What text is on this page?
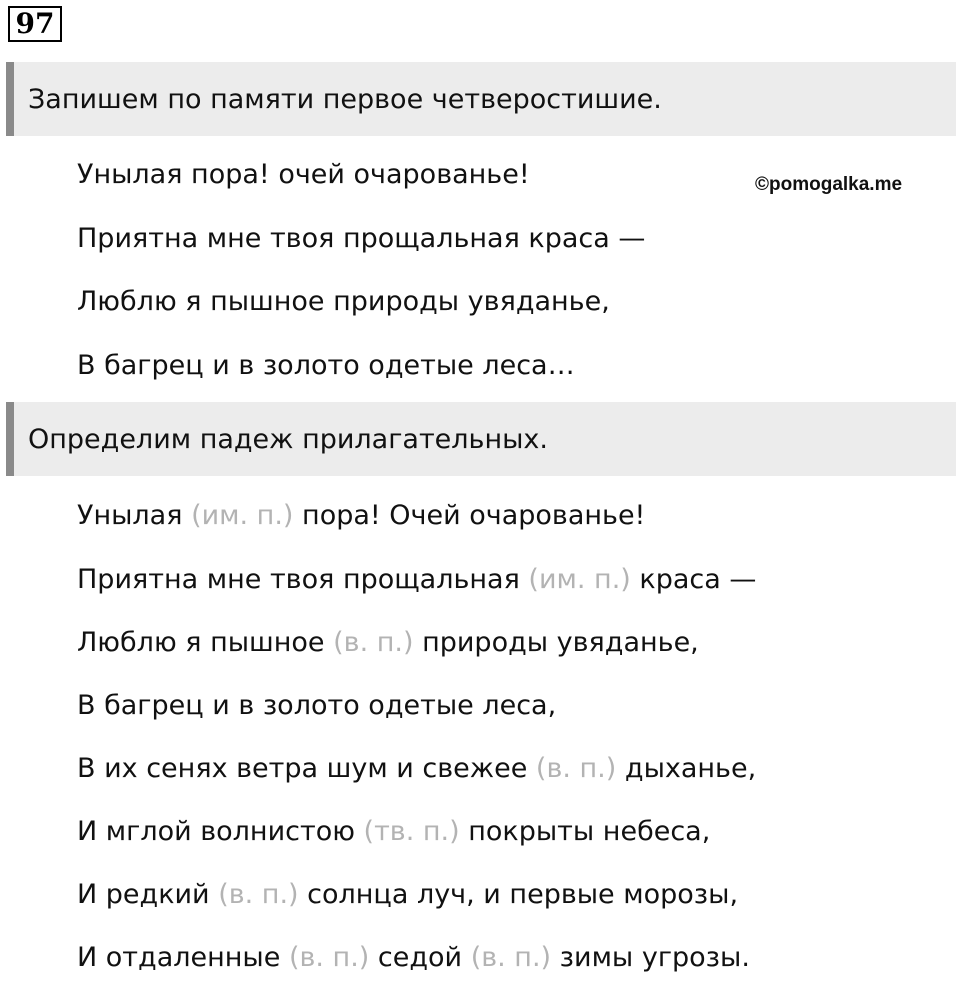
97
Запишем по памяти первое четверостишие.
©pomogalka.me
Унылая пора! очей очарованье!
Приятна мне твоя прощальная краса —
Люблю я пышное природы увяданье,
В багрец и в золото одетые леса…
Определим падеж прилагательных.
Унылая (им. п.) пора! Очей очарованье!
Приятна мне твоя прощальная (им. п.) краса —
Люблю я пышное (в. п.) природы увяданье,
В багрец и в золото одетые леса,
В их сенях ветра шум и свежее (в. п.) дыханье,
И мглой волнистою (тв. п.) покрыты небеса,
И редкий (в. п.) солнца луч, и первые морозы,
И отдаленные (в. п.) седой (в. п.) зимы угрозы.
